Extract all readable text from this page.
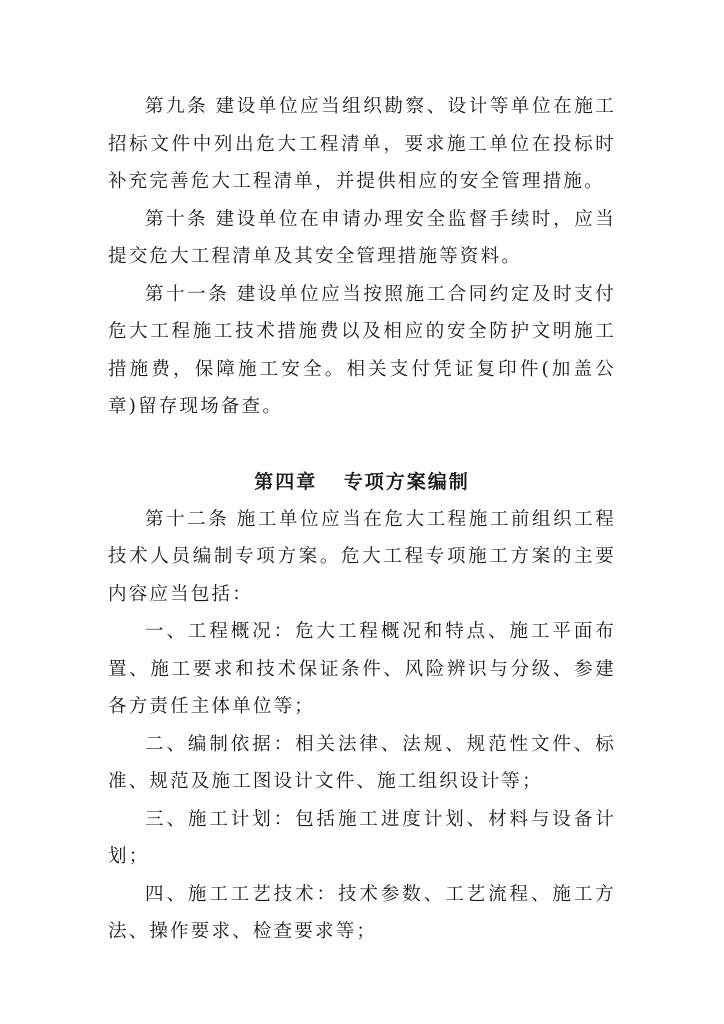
第九条 建设单位应当组织勘察、设计等单位在施工招标文件中列出危大工程清单，要求施工单位在投标时补充完善危大工程清单，并提供相应的安全管理措施。

第十条 建设单位在申请办理安全监督手续时，应当提交危大工程清单及其安全管理措施等资料。

第十一条 建设单位应当按照施工合同约定及时支付危大工程施工技术措施费以及相应的安全防护文明施工措施费，保障施工安全。相关支付凭证复印件(加盖公章)留存现场备查。

第四章 专项方案编制

第十二条 施工单位应当在危大工程施工前组织工程技术人员编制专项方案。危大工程专项施工方案的主要内容应当包括：

一、工程概况：危大工程概况和特点、施工平面布置、施工要求和技术保证条件、风险辨识与分级、参建各方责任主体单位等；

二、编制依据：相关法律、法规、规范性文件、标准、规范及施工图设计文件、施工组织设计等；

三、施工计划：包括施工进度计划、材料与设备计划；

四、施工工艺技术：技术参数、工艺流程、施工方法、操作要求、检查要求等；
